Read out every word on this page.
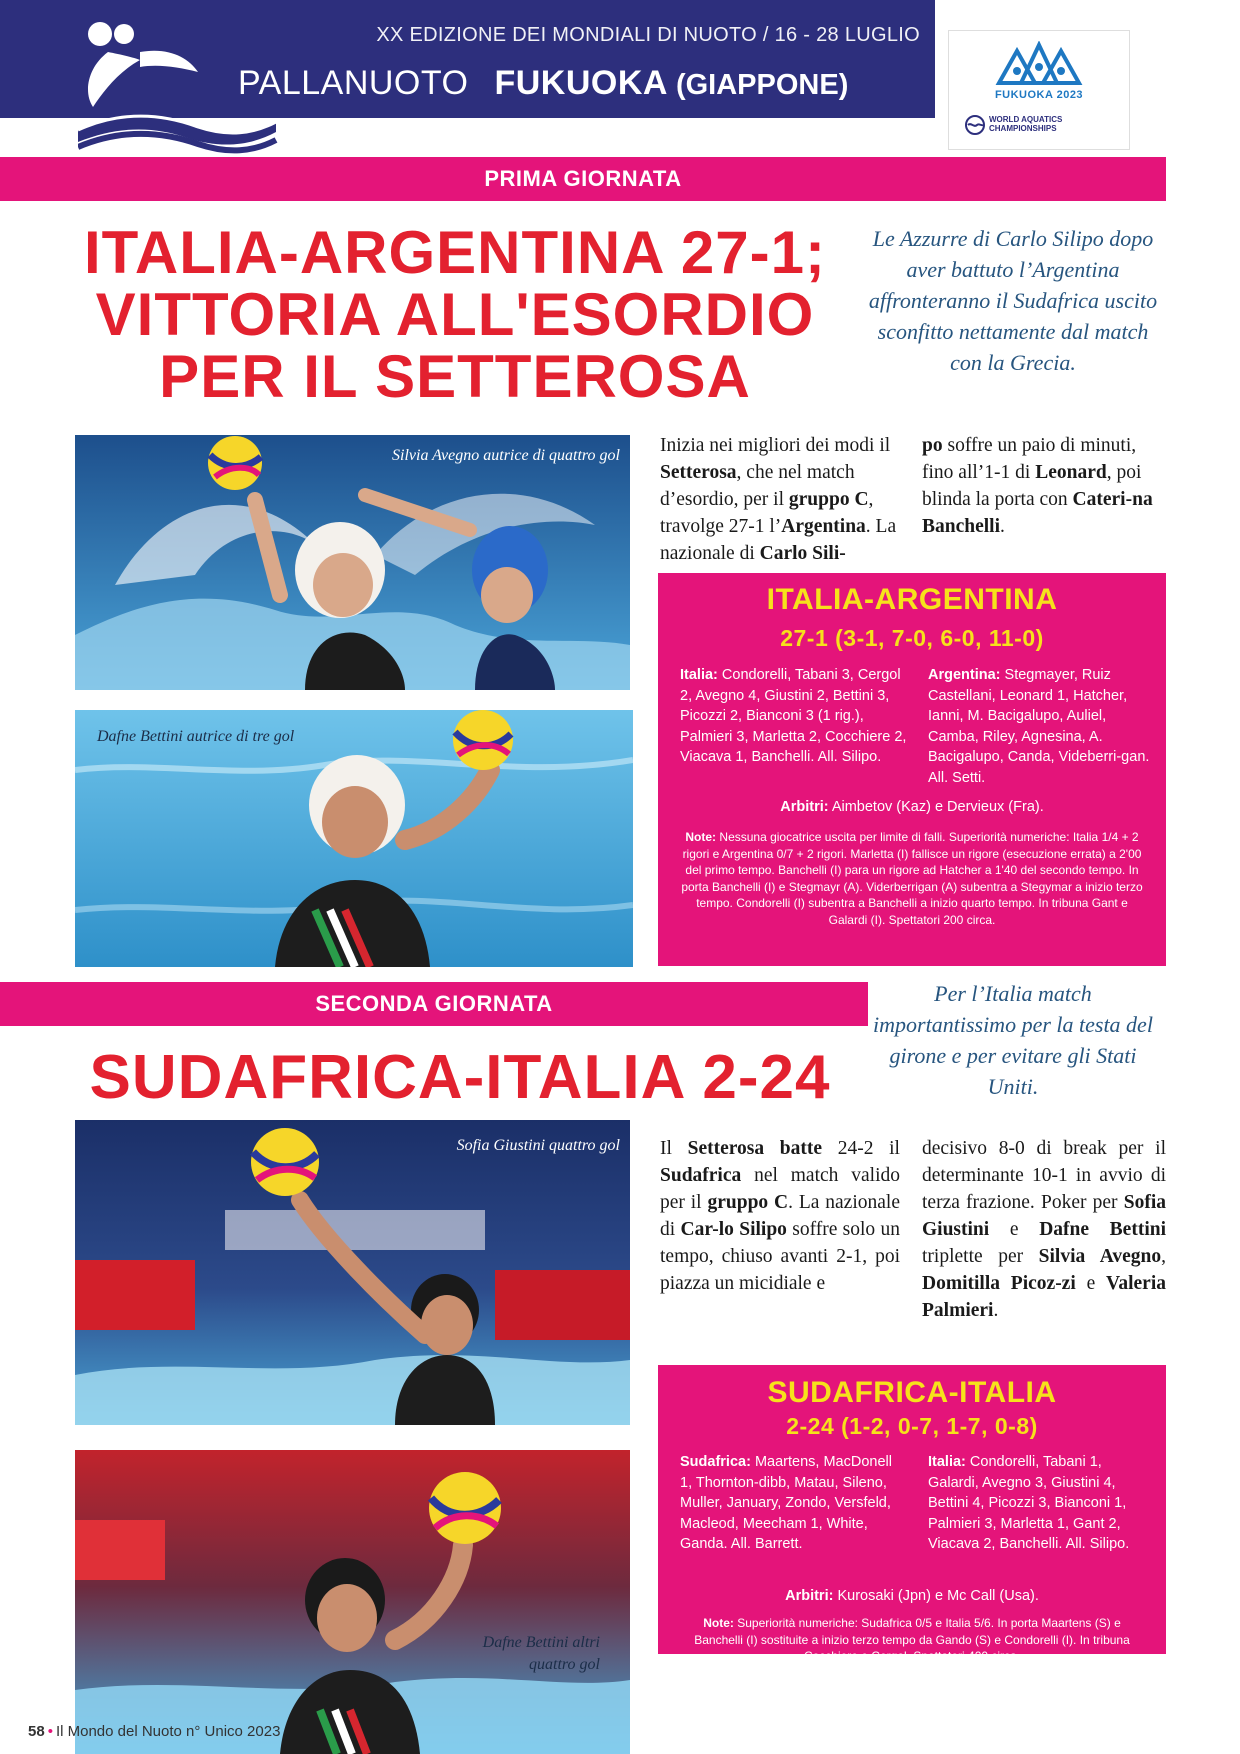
XX EDIZIONE DEI MONDIALI DI NUOTO / 16 - 28 LUGLIO
PALLANUOTO FUKUOKA (GIAPPONE)	FUKUOKA 2023
WORLD AQUATICS CHAMPIONSHIPS
PRIMA GIORNATA
ITALIA-ARGENTINA 27-1;
VITTORIA ALL'ESORDIO
PER IL SETTEROSA
Le Azzurre di Carlo Silipo dopo aver battuto l’Argentina affronteranno il Sudafrica uscito sconfitto nettamente dal match con la Grecia.
Silvia Avegno autrice di quattro gol
Dafne Bettini autrice di tre gol
Inizia nei migliori dei modi il Setterosa, che nel match d’esordio, per il gruppo C, travolge 27-1 l’Argentina. La nazionale di Carlo Sili-
po soffre un paio di minuti, fino all’1-1 di Leonard, poi blinda la porta con Cateri-na Banchelli.
ITALIA-ARGENTINA
27-1 (3-1, 7-0, 6-0, 11-0)
Italia: Condorelli, Tabani 3, Cergol 2, Avegno 4, Giustini 2, Bettini 3, Picozzi 2, Bianconi 3 (1 rig.), Palmieri 3, Marletta 2, Cocchiere 2, Viacava 1, Banchelli. All. Silipo.
Argentina: Stegmayer, Ruiz Castellani, Leonard 1, Hatcher, Ianni, M. Bacigalupo, Auliel, Camba, Riley, Agnesina, A. Bacigalupo, Canda, Videberri-gan. All. Setti.
Arbitri: Aimbetov (Kaz) e Dervieux (Fra).
Note: Nessuna giocatrice uscita per limite di falli. Superiorità numeriche: Italia 1/4 + 2 rigori e Argentina 0/7 + 2 rigori. Marletta (I) fallisce un rigore (esecuzione errata) a 2'00 del primo tempo. Banchelli (I) para un rigore ad Hatcher a 1'40 del secondo tempo. In porta Banchelli (I) e Stegmayr (A). Viderberrigan (A) subentra a Stegymar a inizio terzo tempo. Condorelli (I) subentra a Banchelli a inizio quarto tempo. In tribuna Gant e Galardi (I). Spettatori 200 circa.
SECONDA GIORNATA
SUDAFRICA-ITALIA 2-24
Per l’Italia match importantissimo per la testa del girone e per evitare gli Stati Uniti.
Sofia Giustini quattro gol
Dafne Bettini altri quattro gol
Il Setterosa batte 24-2 il Sudafrica nel match valido per il gruppo C. La nazionale di Car-lo Silipo soffre solo un tempo, chiuso avanti 2-1, poi piazza un micidiale e
decisivo 8-0 di break per il determinante 10-1 in avvio di terza frazione. Poker per Sofia Giustini e Dafne Bettini triplette per Silvia Avegno, Domitilla Picoz-zi e Valeria Palmieri.
SUDAFRICA-ITALIA
2-24 (1-2, 0-7, 1-7, 0-8)
Sudafrica: Maartens, MacDonell 1, Thornton-dibb, Matau, Sileno, Muller, January, Zondo, Versfeld, Macleod, Meecham 1, White, Ganda. All. Barrett.
Italia: Condorelli, Tabani 1, Galardi, Avegno 3, Giustini 4, Bettini 4, Picozzi 3, Bianconi 1, Palmieri 3, Marletta 1, Gant 2, Viacava 2, Banchelli. All. Silipo.
Arbitri: Kurosaki (Jpn) e Mc Call (Usa).
Note: Superiorità numeriche: Sudafrica 0/5 e Italia 5/6. In porta Maartens (S) e Banchelli (I) sostituite a inizio terzo tempo da Gando (S) e Condorelli (I). In tribuna Cocchiere e Cergol. Spettatori 400 circa.
58 • Il Mondo del Nuoto n° Unico 2023
